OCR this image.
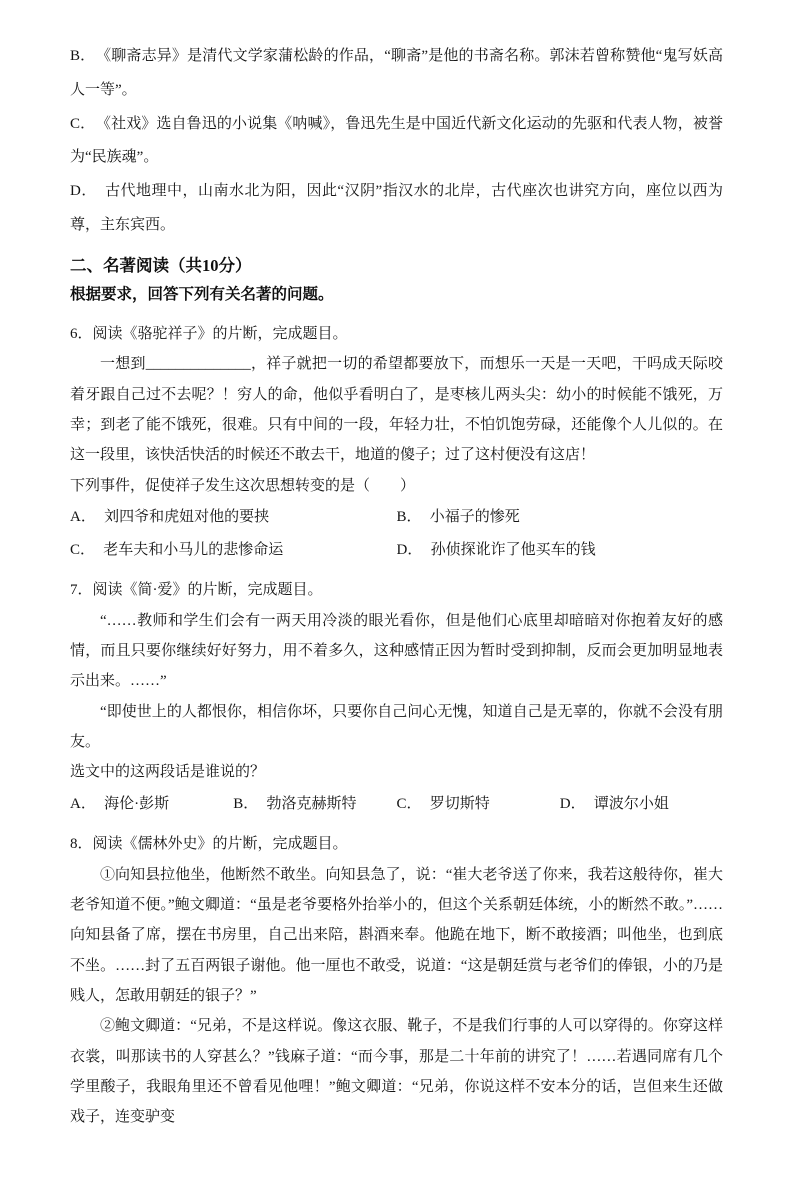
B． 《聊斋志异》是清代文学家蒲松龄的作品，“聊斋”是他的书斋名称。郭沫若曾称赞他“鬼写妖高人一等”。

C． 《社戏》选自鲁迅的小说集《呐喊》，鲁迅先生是中国近代新文化运动的先驱和代表人物，被誉为“民族魂”。

D． 古代地理中，山南水北为阳，因此“汉阴”指汉水的北岸，古代座次也讲究方向，座位以西为尊，主东宾西。

二、名著阅读（共10分）

根据要求，回答下列有关名著的问题。

6．阅读《骆驼祥子》的片断，完成题目。

一想到______________，祥子就把一切的希望都要放下，而想乐一天是一天吧，干吗成天际咬着牙跟自己过不去呢？！穷人的命，他似乎看明白了，是枣核儿两头尖：幼小的时候能不饿死，万幸；到老了能不饿死，很难。只有中间的一段，年轻力壮，不怕饥饱劳碌，还能像个人儿似的。在这一段里，该快活快活的时候还不敢去干，地道的傻子；过了这村便没有这店！

下列事件，促使祥子发生这次思想转变的是（　　）

A． 刘四爷和虎妞对他的要挟	B． 小福子的惨死

C． 老车夫和小马儿的悲惨命运	D． 孙侦探讹诈了他买车的钱

7．阅读《简·爱》的片断，完成题目。

“……教师和学生们会有一两天用冷淡的眼光看你，但是他们心底里却暗暗对你抱着友好的感情，而且只要你继续好好努力，用不着多久，这种感情正因为暂时受到抑制，反而会更加明显地表示出来。……”

“即使世上的人都恨你，相信你坏，只要你自己问心无愧，知道自己是无辜的，你就不会没有朋友。

选文中的这两段话是谁说的？

A． 海伦·彭斯	B． 勃洛克赫斯特	C． 罗切斯特	D． 谭波尔小姐

8．阅读《儒林外史》的片断，完成题目。

①向知县拉他坐，他断然不敢坐。向知县急了，说：“崔大老爷送了你来，我若这般待你，崔大老爷知道不便。”鲍文卿道：“虽是老爷要格外抬举小的，但这个关系朝廷体统，小的断然不敢。”……向知县备了席，摆在书房里，自己出来陪，斟酒来奉。他跪在地下，断不敢接酒；叫他坐，也到底不坐。……封了五百两银子谢他。他一厘也不敢受，说道：“这是朝廷赏与老爷们的俸银，小的乃是贱人，怎敢用朝廷的银子？”

②鲍文卿道：“兄弟，不是这样说。像这衣服、靴子，不是我们行事的人可以穿得的。你穿这样衣裳，叫那读书的人穿甚么？”钱麻子道：“而今事，那是二十年前的讲究了！……若遇同席有几个学里酸子，我眼角里还不曾看见他哩！”鲍文卿道：“兄弟，你说这样不安本分的话，岂但来生还做戏子，连变驴变
